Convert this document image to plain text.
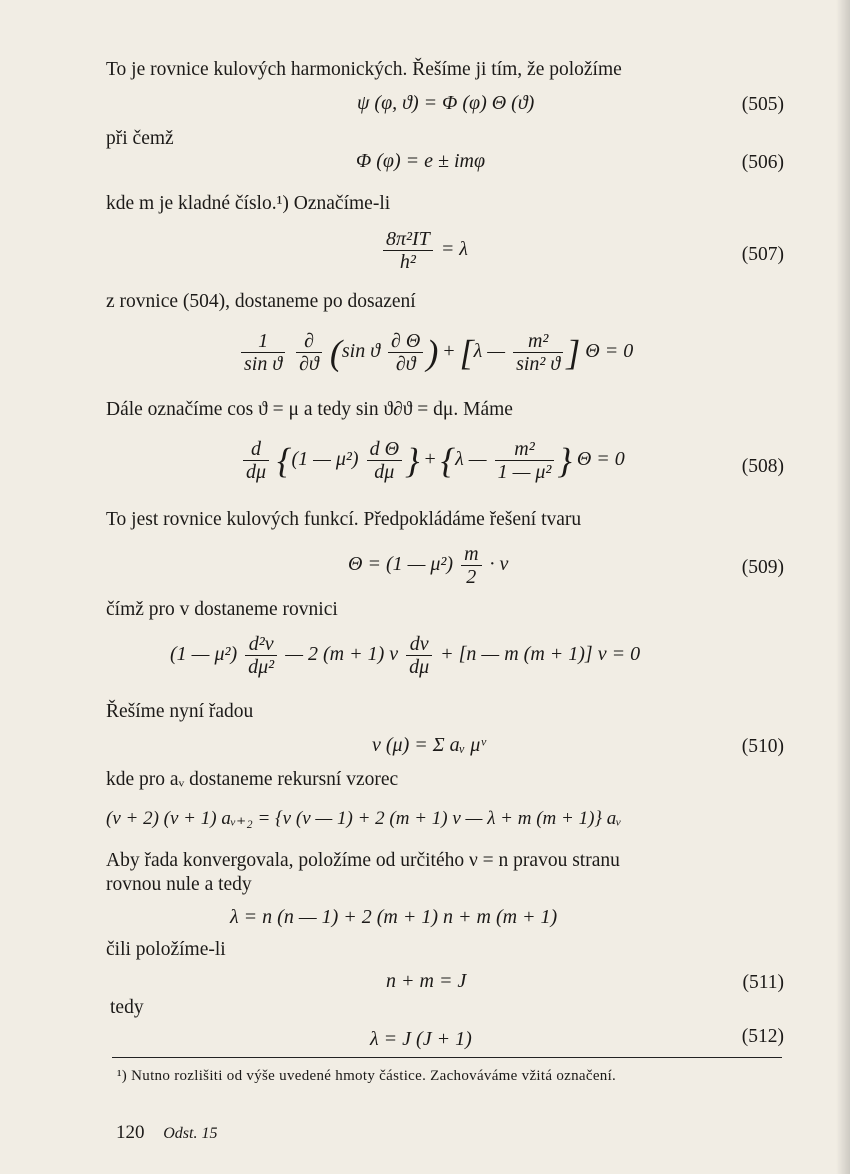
To je rovnice kulových harmonických. Řešíme ji tím, že položíme
ψ (φ, ϑ) = Φ (φ) Θ (ϑ)	(505)
při čemž
Φ (φ) = e ± imφ	(506)
kde m je kladné číslo.¹) Označíme-li
$\frac{\text{8π²IT}}{\text{h²}} = \lambda$	(507)
z rovnice (504), dostaneme po dosazení
$\frac{1}{\text{sin ϑ}}$
$\frac{\partial}{\partial ϑ} (\sin$ ϑ $\frac{\partial \Theta}{\partial ϑ}$ ) + [λ — $\frac{\text{m²}}{\text{sin² ϑ}}$ ] Θ = 0
Dále označíme cos ϑ = μ a tedy sin ϑ∂ϑ = dμ. Máme
$\frac{d}{d\mu} \{(1$ — $\mu^2) \frac{\text{d Θ}}{d\mu}$ } + {λ — $\frac{\text{m²}}{\text{1 — μ²}}$ } Θ = 0	(508)
To jest rovnice kulových funkcí. Předpokládáme řešení tvaru
Θ = (1 — $\mu^2) \frac{m}{2} \cdot v$	(509)
čímž pro v dostaneme rovnici
(1 — $\mu^2) \frac{\text{d²v}}{\text{dμ²}}$ — 2 (m + 1) v $\frac{dv}{d\mu} + [n$ — m (m + 1)] v = 0
Řešíme nyní řadou
v (μ) = Σ aᵥ μᵛ	(510)
kde pro aᵥ dostaneme rekursní vzorec
(ν + 2) (ν + 1) aᵥ₊₂ = {ν (ν — 1) + 2 (m + 1) ν — λ + m (m + 1)} aᵥ
Aby řada konvergovala, položíme od určitého ν = n pravou stranu
rovnou nule a tedy
λ = n (n — 1) + 2 (m + 1) n + m (m + 1)
čili položíme-li
n + m = J	(511)
tedy
λ = J (J + 1)	(512)
¹) Nutno rozlišiti od výše uvedené hmoty částice. Zachováváme vžitá označení.
120 Odst. 15
